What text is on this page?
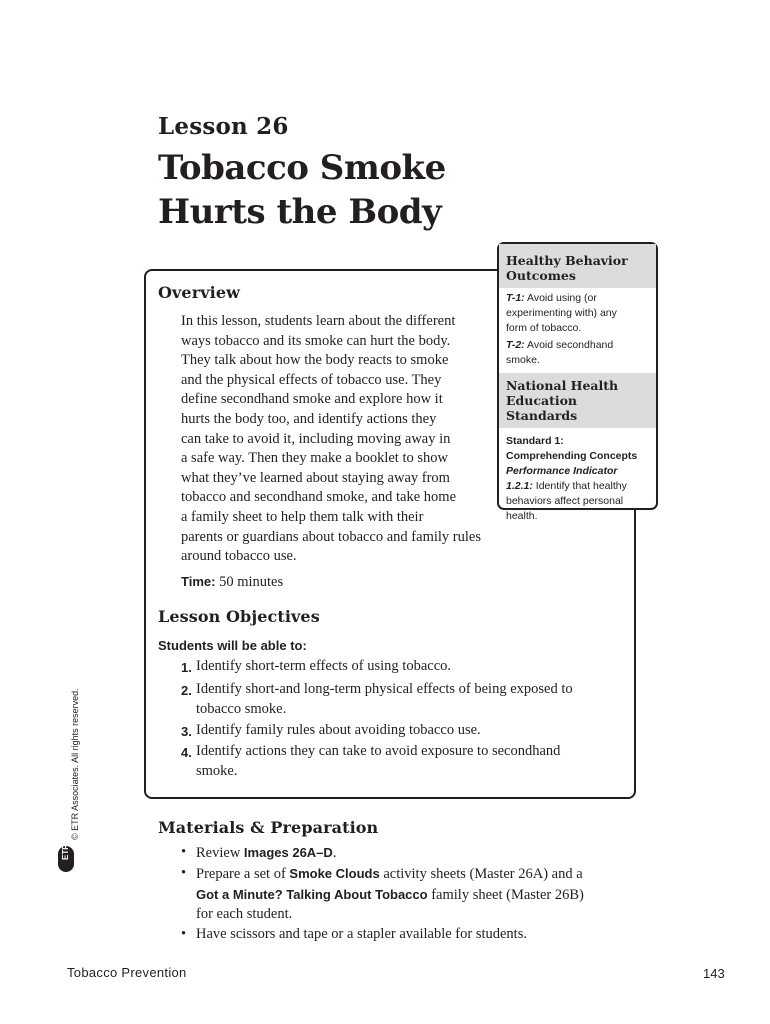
Lesson 26
Tobacco Smoke
Hurts the Body
Overview
In this lesson, students learn about the different
ways tobacco and its smoke can hurt the body.
They talk about how the body reacts to smoke
and the physical effects of tobacco use. They
define secondhand smoke and explore how it
hurts the body too, and identify actions they
can take to avoid it, including moving away in
a safe way. Then they make a booklet to show
what they’ve learned about staying away from
tobacco and secondhand smoke, and take home
a family sheet to help them talk with their
parents or guardians about tobacco and family rules
around tobacco use.
Time: 50 minutes
Lesson Objectives
Students will be able to:
1. Identify short-term effects of using tobacco.
2. Identify short-and long-term physical effects of being exposed to
tobacco smoke.
3. Identify family rules about avoiding tobacco use.
4. Identify actions they can take to avoid exposure to secondhand
smoke.
Healthy Behavior
Outcomes

T-1: Avoid using (or

experimenting with) any

form of tobacco.

T-2: Avoid secondhand

smoke.

National Health
Education Standards

Standard 1:

Comprehending Concepts

Performance Indicator

1.2.1: Identify that healthy

behaviors affect personal

health.

Materials & Preparation
• Review Images 26A–D.
• Prepare a set of Smoke Clouds activity sheets (Master 26A) and a
Got a Minute? Talking About Tobacco family sheet (Master 26B)
for each student.
• Have scissors and tape or a stapler available for students.
ETR
© ETR Associates. All rights reserved.
Tobacco Prevention	143
